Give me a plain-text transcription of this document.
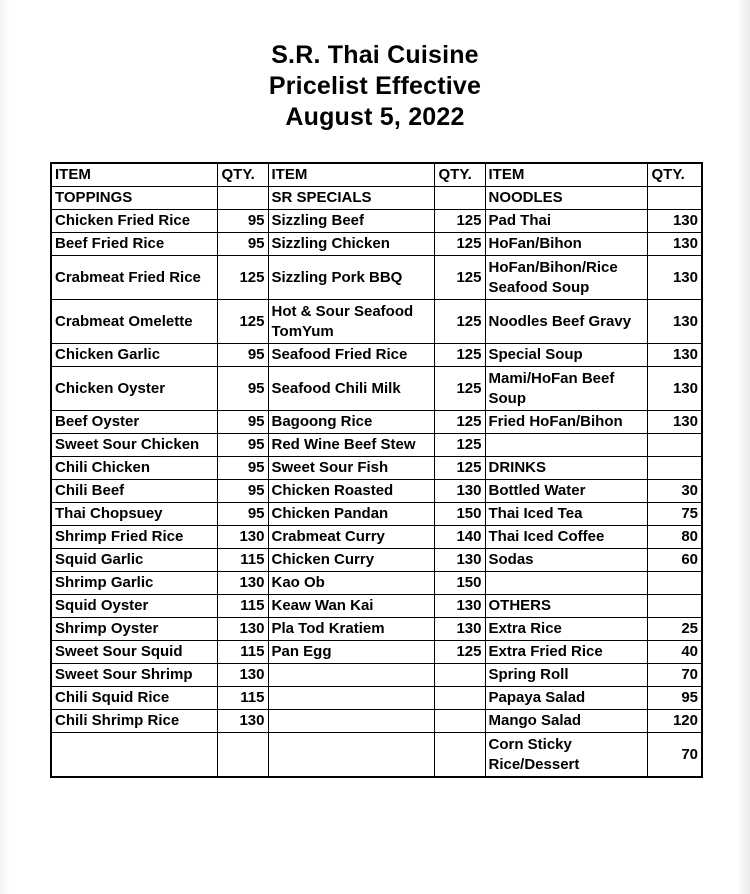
S.R. Thai Cuisine
Pricelist Effective
August 5, 2022
ITEM	QTY.	ITEM	QTY.	ITEM	QTY.
TOPPINGS		SR SPECIALS		NOODLES	
Chicken Fried Rice	95	Sizzling Beef	125	Pad Thai	130
Beef Fried Rice	95	Sizzling Chicken	125	HoFan/Bihon	130
Crabmeat Fried Rice	125	Sizzling Pork BBQ	125	HoFan/Bihon/Rice Seafood Soup	130
Crabmeat Omelette	125	Hot & Sour Seafood TomYum	125	Noodles Beef Gravy	130
Chicken Garlic	95	Seafood Fried Rice	125	Special Soup	130
Chicken Oyster	95	Seafood Chili Milk	125	Mami/HoFan Beef Soup	130
Beef Oyster	95	Bagoong Rice	125	Fried HoFan/Bihon	130
Sweet Sour Chicken	95	Red Wine Beef Stew	125		
Chili Chicken	95	Sweet Sour Fish	125	DRINKS	
Chili Beef	95	Chicken Roasted	130	Bottled Water	30
Thai Chopsuey	95	Chicken Pandan	150	Thai Iced Tea	75
Shrimp Fried Rice	130	Crabmeat Curry	140	Thai Iced Coffee	80
Squid Garlic	115	Chicken Curry	130	Sodas	60
Shrimp Garlic	130	Kao Ob	150		
Squid Oyster	115	Keaw Wan Kai	130	OTHERS	
Shrimp Oyster	130	Pla Tod Kratiem	130	Extra Rice	25
Sweet Sour Squid	115	Pan Egg	125	Extra Fried Rice	40
Sweet Sour Shrimp	130			Spring Roll	70
Chili Squid Rice	115			Papaya Salad	95
Chili Shrimp Rice	130			Mango Salad	120
				Corn Sticky Rice/Dessert	70
